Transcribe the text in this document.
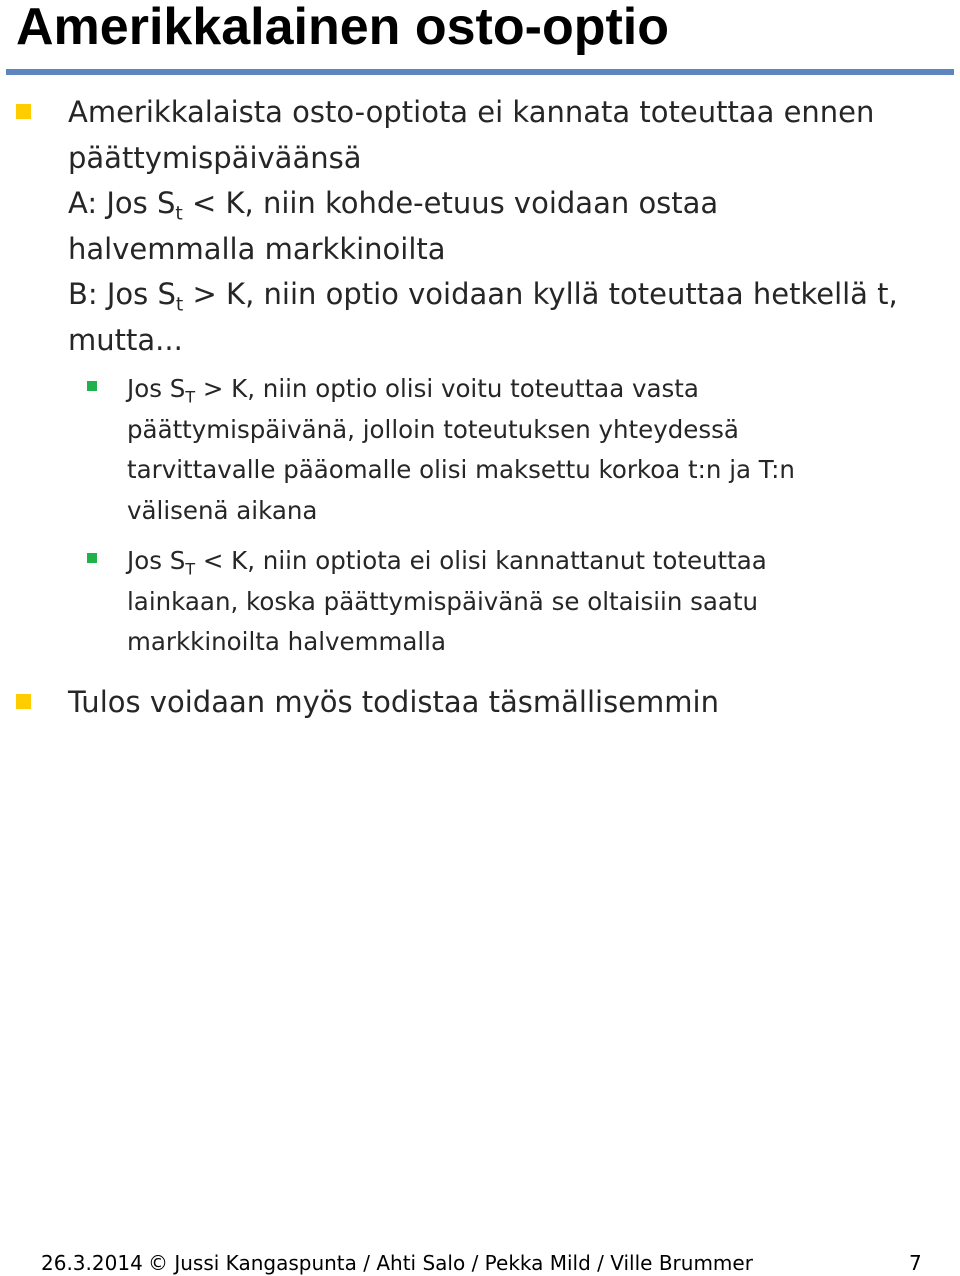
Amerikkalainen osto-optio
Amerikkalaista osto-optiota ei kannata toteuttaa ennen
päättymispäiväänsä
A: Jos $S_t < K$, niin kohde-etuus voidaan ostaa
halvemmalla markkinoilta
B: Jos $S_t > K$, niin optio voidaan kyllä toteuttaa hetkellä t,
mutta...
Jos $S_T > K$, niin optio olisi voitu toteuttaa vasta
päättymispäivänä, jolloin toteutuksen yhteydessä
tarvittavalle pääomalle olisi maksettu korkoa t:n ja T:n
välisenä aikana
Jos $S_T < K$, niin optiota ei olisi kannattanut toteuttaa
lainkaan, koska päättymispäivänä se oltaisiin saatu
markkinoilta halvemmalla
Tulos voidaan myös todistaa täsmällisemmin
26.3.2014 © Jussi Kangaspunta / Ahti Salo / Pekka Mild / Ville Brummer	7
